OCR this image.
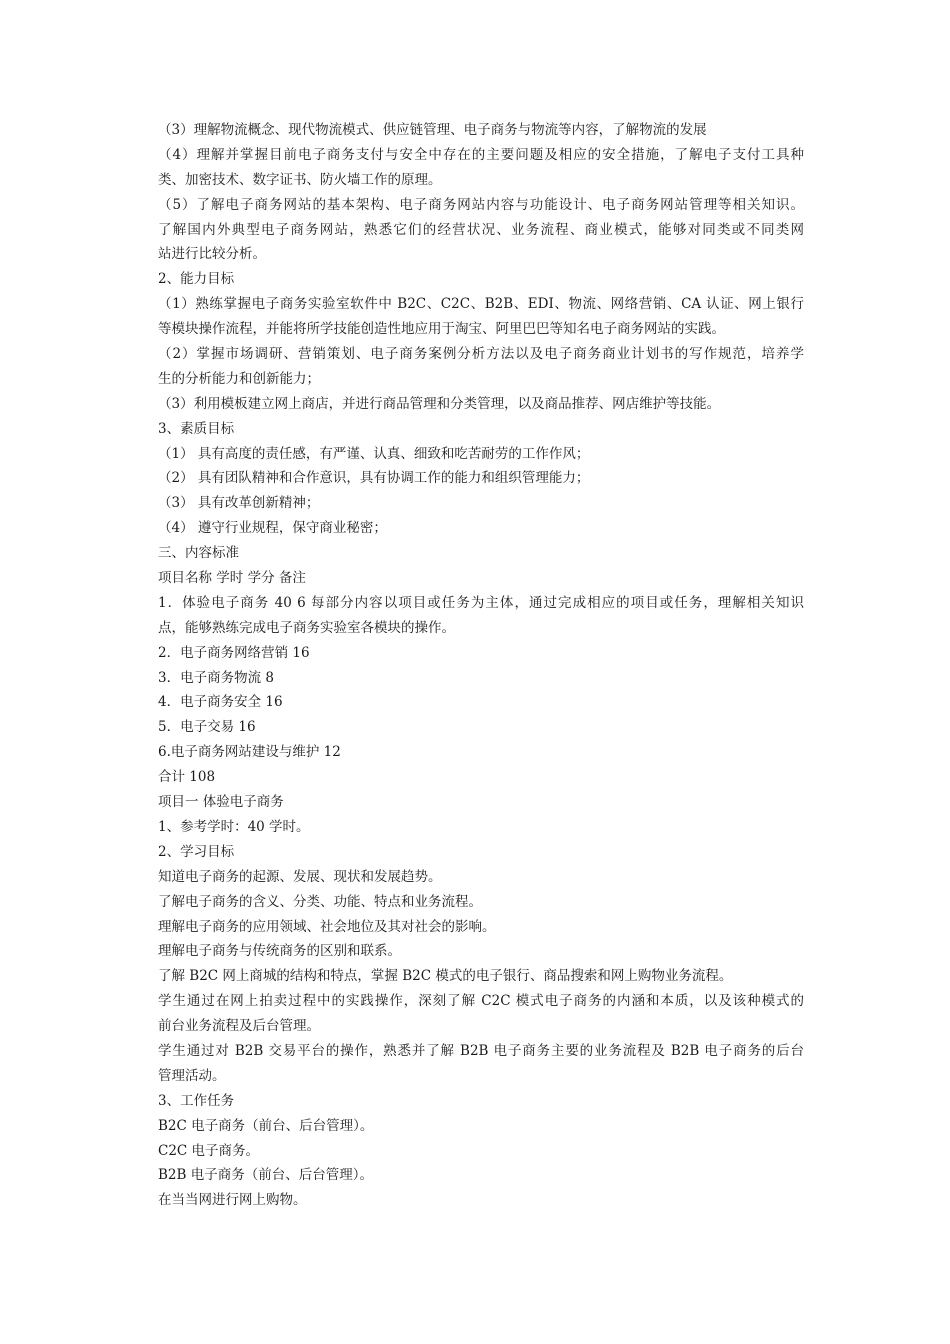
（3）理解物流概念、现代物流模式、供应链管理、电子商务与物流等内容，了解物流的发展
（4）理解并掌握目前电子商务支付与安全中存在的主要问题及相应的安全措施，了解电子支付工具种
类、加密技术、数字证书、防火墙工作的原理。
（5）了解电子商务网站的基本架构、电子商务网站内容与功能设计、电子商务网站管理等相关知识。
了解国内外典型电子商务网站，熟悉它们的经营状况、业务流程、商业模式，能够对同类或不同类网
站进行比较分析。
2、能力目标
（1）熟练掌握电子商务实验室软件中 B2C、C2C、B2B、EDI、物流、网络营销、CA 认证、网上银行
等模块操作流程，并能将所学技能创造性地应用于淘宝、阿里巴巴等知名电子商务网站的实践。
（2）掌握市场调研、营销策划、电子商务案例分析方法以及电子商务商业计划书的写作规范，培养学
生的分析能力和创新能力；
（3）利用模板建立网上商店，并进行商品管理和分类管理，以及商品推荐、网店维护等技能。
3、素质目标
（1） 具有高度的责任感，有严谨、认真、细致和吃苦耐劳的工作作风；
（2） 具有团队精神和合作意识，具有协调工作的能力和组织管理能力；
（3） 具有改革创新精神；
（4） 遵守行业规程，保守商业秘密；
三、内容标准
项目名称 学时 学分 备注
1．体验电子商务 40 6 每部分内容以项目或任务为主体，通过完成相应的项目或任务，理解相关知识
点，能够熟练完成电子商务实验室各模块的操作。
2．电子商务网络营销 16
3．电子商务物流 8
4．电子商务安全 16
5．电子交易 16
6.电子商务网站建设与维护 12
合计 108
项目一 体验电子商务
1、参考学时：40 学时。
2、学习目标
知道电子商务的起源、发展、现状和发展趋势。
了解电子商务的含义、分类、功能、特点和业务流程。
理解电子商务的应用领域、社会地位及其对社会的影响。
理解电子商务与传统商务的区别和联系。
了解 B2C 网上商城的结构和特点，掌握 B2C 模式的电子银行、商品搜索和网上购物业务流程。
学生通过在网上拍卖过程中的实践操作，深刻了解 C2C 模式电子商务的内涵和本质，以及该种模式的
前台业务流程及后台管理。
学生通过对 B2B 交易平台的操作，熟悉并了解 B2B 电子商务主要的业务流程及 B2B 电子商务的后台
管理活动。
3、工作任务
B2C 电子商务（前台、后台管理）。
C2C 电子商务。
B2B 电子商务（前台、后台管理）。
在当当网进行网上购物。
